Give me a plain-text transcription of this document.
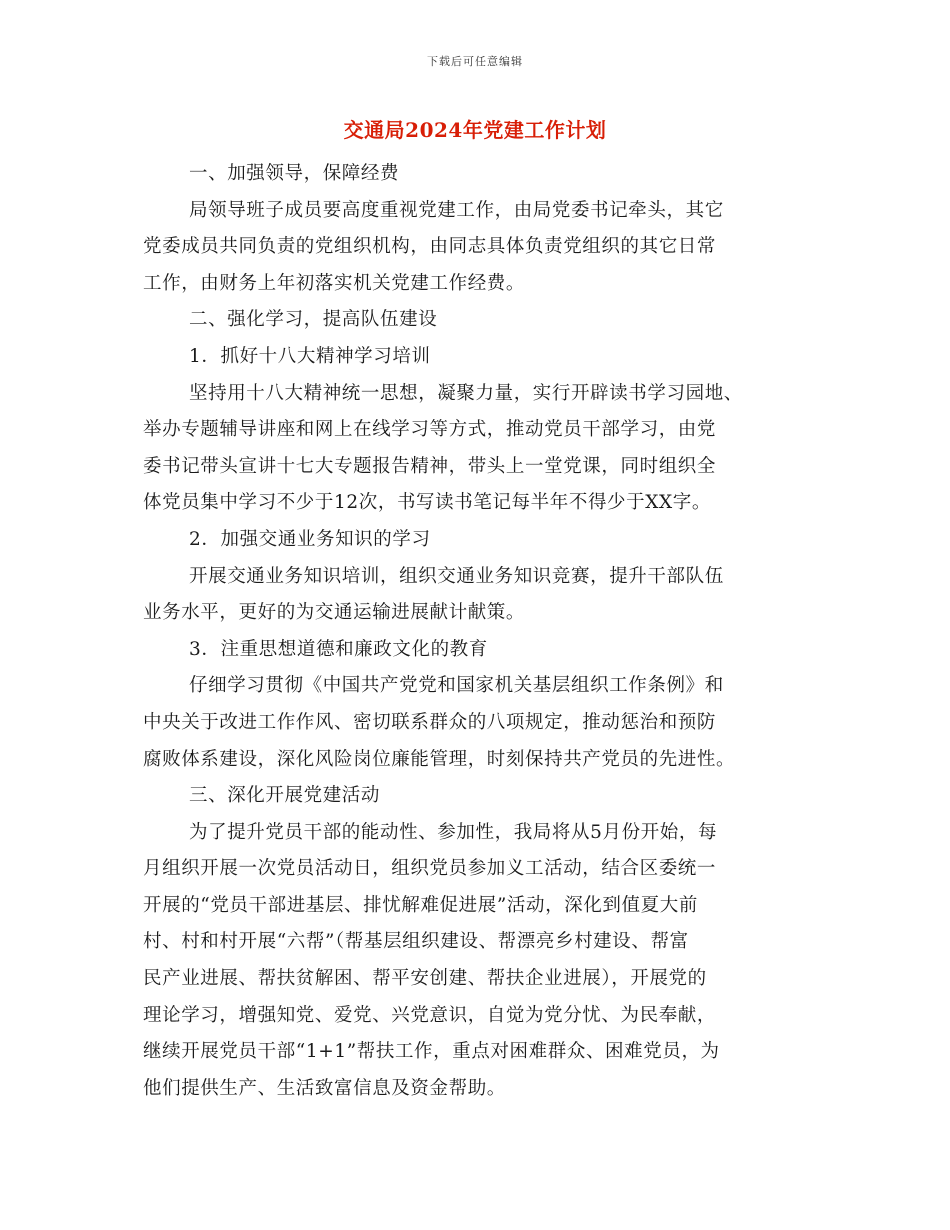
下载后可任意编辑
交通局2024年党建工作计划
一、加强领导，保障经费
局领导班子成员要高度重视党建工作，由局党委书记牵头，其它
党委成员共同负责的党组织机构，由同志具体负责党组织的其它日常
工作，由财务上年初落实机关党建工作经费。
二、强化学习，提高队伍建设
1．抓好十八大精神学习培训
坚持用十八大精神统一思想，凝聚力量，实行开辟读书学习园地、
举办专题辅导讲座和网上在线学习等方式，推动党员干部学习，由党
委书记带头宣讲十七大专题报告精神，带头上一堂党课，同时组织全
体党员集中学习不少于12次，书写读书笔记每半年不得少于XX字。
2．加强交通业务知识的学习
开展交通业务知识培训，组织交通业务知识竞赛，提升干部队伍
业务水平，更好的为交通运输进展献计献策。
3．注重思想道德和廉政文化的教育
仔细学习贯彻《中国共产党党和国家机关基层组织工作条例》和
中央关于改进工作作风、密切联系群众的八项规定，推动惩治和预防
腐败体系建设，深化风险岗位廉能管理，时刻保持共产党员的先进性。
三、深化开展党建活动
为了提升党员干部的能动性、参加性，我局将从5月份开始，每
月组织开展一次党员活动日，组织党员参加义工活动，结合区委统一
开展的“党员干部进基层、排忧解难促进展”活动，深化到值夏大前
村、村和村开展“六帮”（帮基层组织建设、帮漂亮乡村建设、帮富
民产业进展、帮扶贫解困、帮平安创建、帮扶企业进展），开展党的
理论学习，增强知党、爱党、兴党意识，自觉为党分忧、为民奉献，
继续开展党员干部“1+1”帮扶工作，重点对困难群众、困难党员，为
他们提供生产、生活致富信息及资金帮助。
